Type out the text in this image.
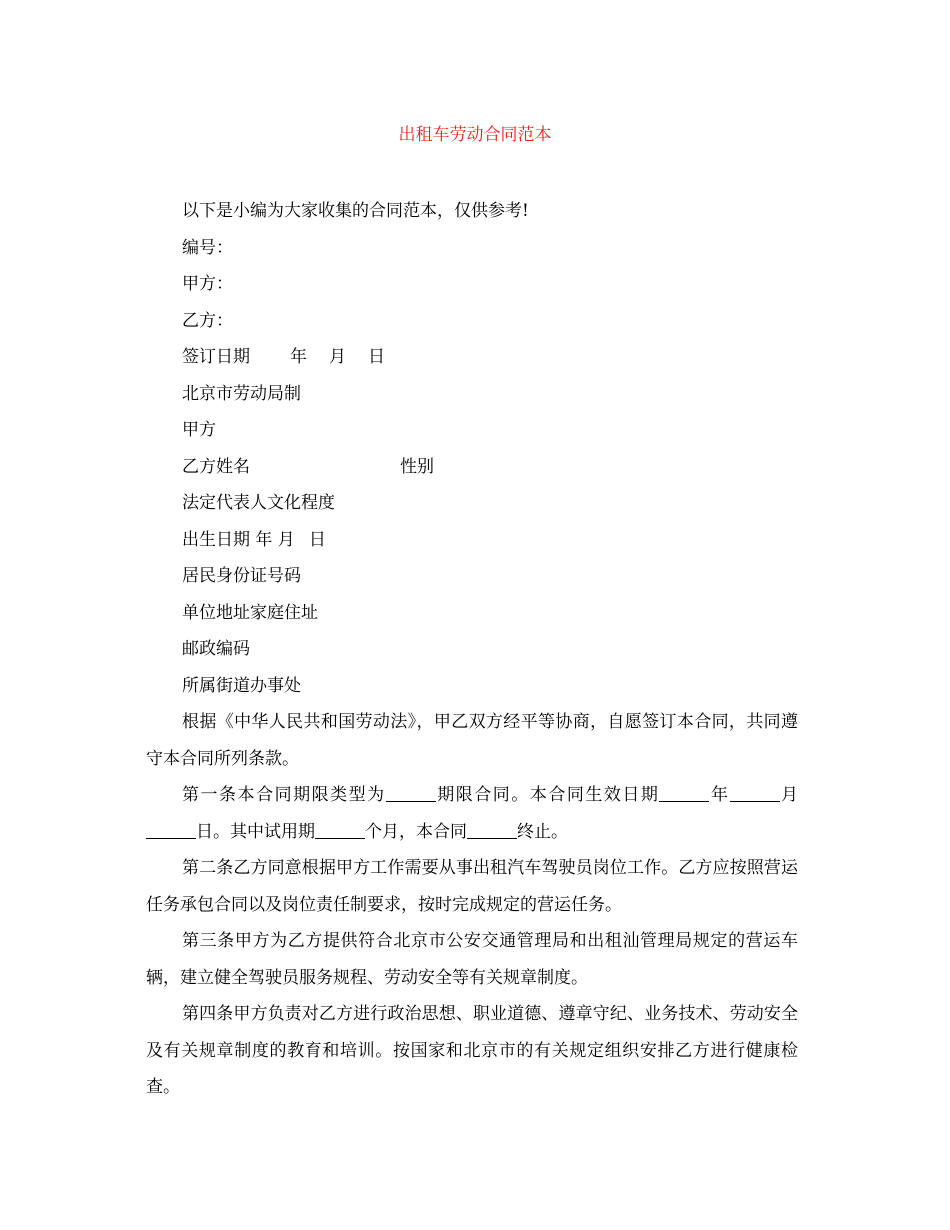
出租车劳动合同范本
以下是小编为大家收集的合同范本，仅供参考!
编号：
甲方：
乙方：
签订日期 年 月 日
北京市劳动局制
甲方
乙方姓名	性别
法定代表人文化程度
出生日期 年 月 日
居民身份证号码
单位地址家庭住址
邮政编码
所属街道办事处

根据《中华人民共和国劳动法》，甲乙双方经平等协商，自愿签订本合同，共同遵守本合同所列条款。

第一条本合同期限类型为	期限合同。本合同生效日期	年	月日。其中试用期	个月，本合同	终止。

第二条乙方同意根据甲方工作需要从事出租汽车驾驶员岗位工作。乙方应按照营运任务承包合同以及岗位责任制要求，按时完成规定的营运任务。

第三条甲方为乙方提供符合北京市公安交通管理局和出租汕管理局规定的营运车辆，建立健全驾驶员服务规程、劳动安全等有关规章制度。

第四条甲方负责对乙方进行政治思想、职业道德、遵章守纪、业务技术、劳动安全及有关规章制度的教育和培训。按国家和北京市的有关规定组织安排乙方进行健康检查。
